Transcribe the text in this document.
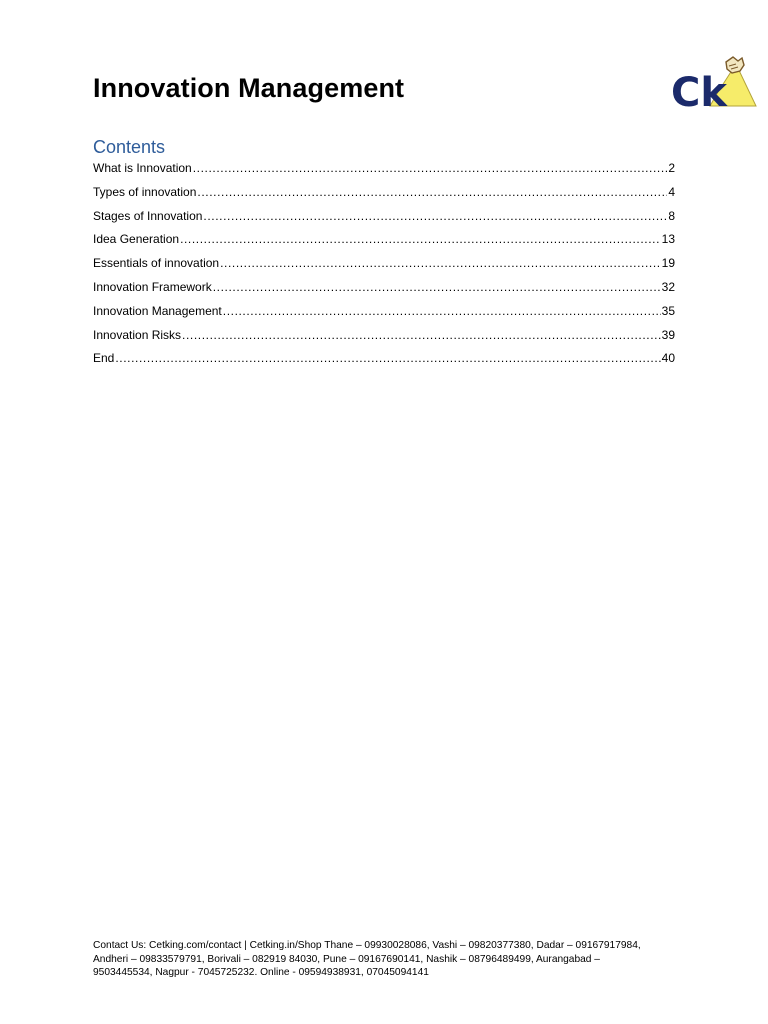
Innovation Management	Ck
Contents
What is Innovation .....	2
Types of innovation .....	4
Stages of Innovation .....	8
Idea Generation .....	13
Essentials of innovation .....	19
Innovation Framework .....	32
Innovation Management .....	35
Innovation Risks .....	39
End .....	40
Contact Us: Cetking.com/contact | Cetking.in/Shop Thane – 09930028086, Vashi – 09820377380, Dadar – 09167917984,
Andheri – 09833579791, Borivali – 082919 84030, Pune – 09167690141, Nashik – 08796489499, Aurangabad –
9503445534, Nagpur - 7045725232. Online - 09594938931, 07045094141
